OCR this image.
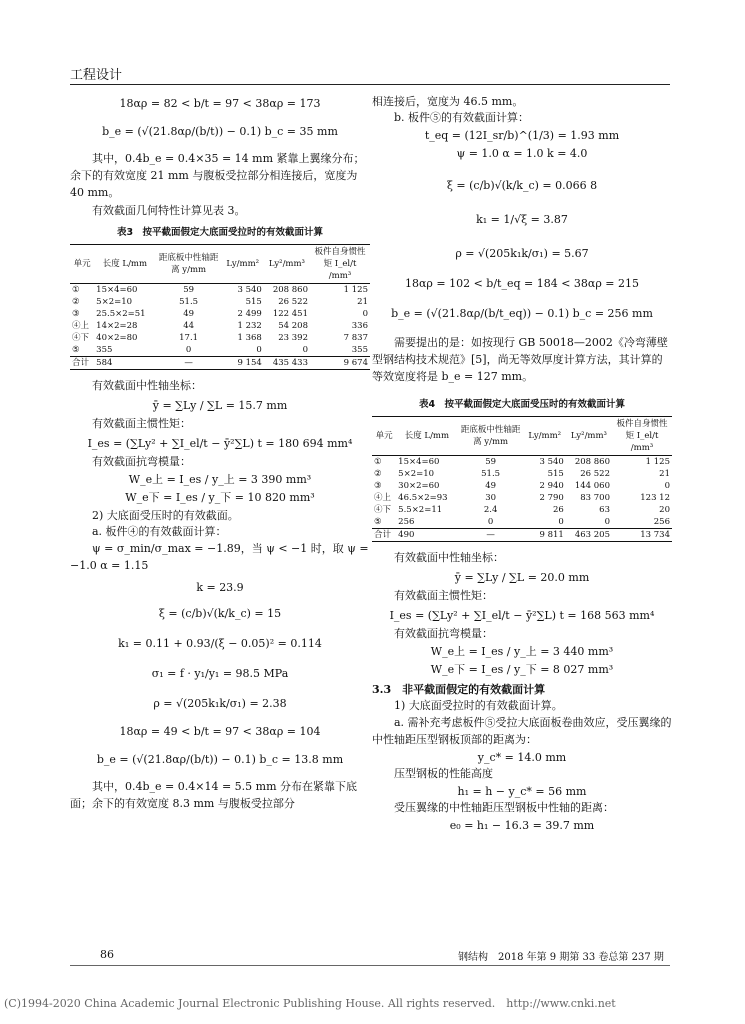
工程设计
18αρ = 82 < b/t = 97 < 38αρ = 173
b_e = (√(21.8αρ/(b/t)) − 0.1) b_c = 35 mm
其中，0.4b_e = 0.4×35 = 14 mm 紧靠上翼缘分布；余下的有效宽度 21 mm 与腹板受拉部分相连接后，宽度为 40 mm。
有效截面几何特性计算见表 3。
表3　按平截面假定大底面受拉时的有效截面计算
单元	长度 L/mm	距底板中性轴距离 y/mm	Ly/mm²	Ly²/mm³	板件自身惯性矩 I_el/t /mm³
①	15×4=60	59	3 540	208 860	1 125
②	5×2=10	51.5	515	26 522	21
③	25.5×2=51	49	2 499	122 451	0
④上	14×2=28	44	1 232	54 208	336
④下	40×2=80	17.1	1 368	23 392	7 837
⑤	355	0	0	0	355
合计	584	—	9 154	435 433	9 674
有效截面中性轴坐标：
ȳ = ∑Ly / ∑L = 15.7 mm
有效截面主惯性矩：
I_es = (∑Ly² + ∑I_el/t − ȳ²∑L) t = 180 694 mm⁴
有效截面抗弯模量：
W_e上 = I_es / y_上 = 3 390 mm³
W_e下 = I_es / y_下 = 10 820 mm³
2) 大底面受压时的有效截面。
a. 板件④的有效截面计算：
ψ = σ_min/σ_max = −1.89，当 ψ < −1 时，取 ψ = −1.0 α = 1.15
k = 23.9
ξ = (c/b)√(k/k_c) = 15
k₁ = 0.11 + 0.93/(ξ − 0.05)² = 0.114
σ₁ = f · y₁/y₁ = 98.5 MPa
ρ = √(205k₁k/σ₁) = 2.38
18αρ = 49 < b/t = 97 < 38αρ = 104
b_e = (√(21.8αρ/(b/t)) − 0.1) b_c = 13.8 mm
其中，0.4b_e = 0.4×14 = 5.5 mm 分布在紧靠下底面；余下的有效宽度 8.3 mm 与腹板受拉部分
相连接后，宽度为 46.5 mm。
b. 板件⑤的有效截面计算：
t_eq = (12I_sr/b)^(1/3) = 1.93 mm
ψ = 1.0 α = 1.0 k = 4.0
ξ = (c/b)√(k/k_c) = 0.066 8
k₁ = 1/√ξ = 3.87
ρ = √(205k₁k/σ₁) = 5.67
18αρ = 102 < b/t_eq = 184 < 38αρ = 215
b_e = (√(21.8αρ/(b/t_eq)) − 0.1) b_c = 256 mm
需要提出的是：如按现行 GB 50018—2002《冷弯薄壁型钢结构技术规范》[5]，尚无等效厚度计算方法，其计算的等效宽度将是 b_e = 127 mm。
表4　按平截面假定大底面受压时的有效截面计算
单元	长度 L/mm	距底板中性轴距离 y/mm	Ly/mm²	Ly²/mm³	板件自身惯性矩 I_el/t /mm³
①	15×4=60	59	3 540	208 860	1 125
②	5×2=10	51.5	515	26 522	21
③	30×2=60	49	2 940	144 060	0
④上	46.5×2=93	30	2 790	83 700	123 12
④下	5.5×2=11	2.4	26	63	20
⑤	256	0	0	0	256
合计	490	—	9 811	463 205	13 734
有效截面中性轴坐标：
ȳ = ∑Ly / ∑L = 20.0 mm
有效截面主惯性矩：
I_es = (∑Ly² + ∑I_el/t − ȳ²∑L) t = 168 563 mm⁴
有效截面抗弯模量：
W_e上 = I_es / y_上 = 3 440 mm³
W_e下 = I_es / y_下 = 8 027 mm³
3.3　非平截面假定的有效截面计算
1) 大底面受拉时的有效截面计算。
a. 需补充考虑板件⑤受拉大底面板卷曲效应，受压翼缘的中性轴距压型钢板顶部的距离为：
y_c* = 14.0 mm
压型钢板的性能高度
h₁ = h − y_c* = 56 mm
受压翼缘的中性轴距压型钢板中性轴的距离：
e₀ = h₁ − 16.3 = 39.7 mm
86	钢结构　2018 年第 9 期第 33 卷总第 237 期
(C)1994-2020 China Academic Journal Electronic Publishing House. All rights reserved.　http://www.cnki.net
